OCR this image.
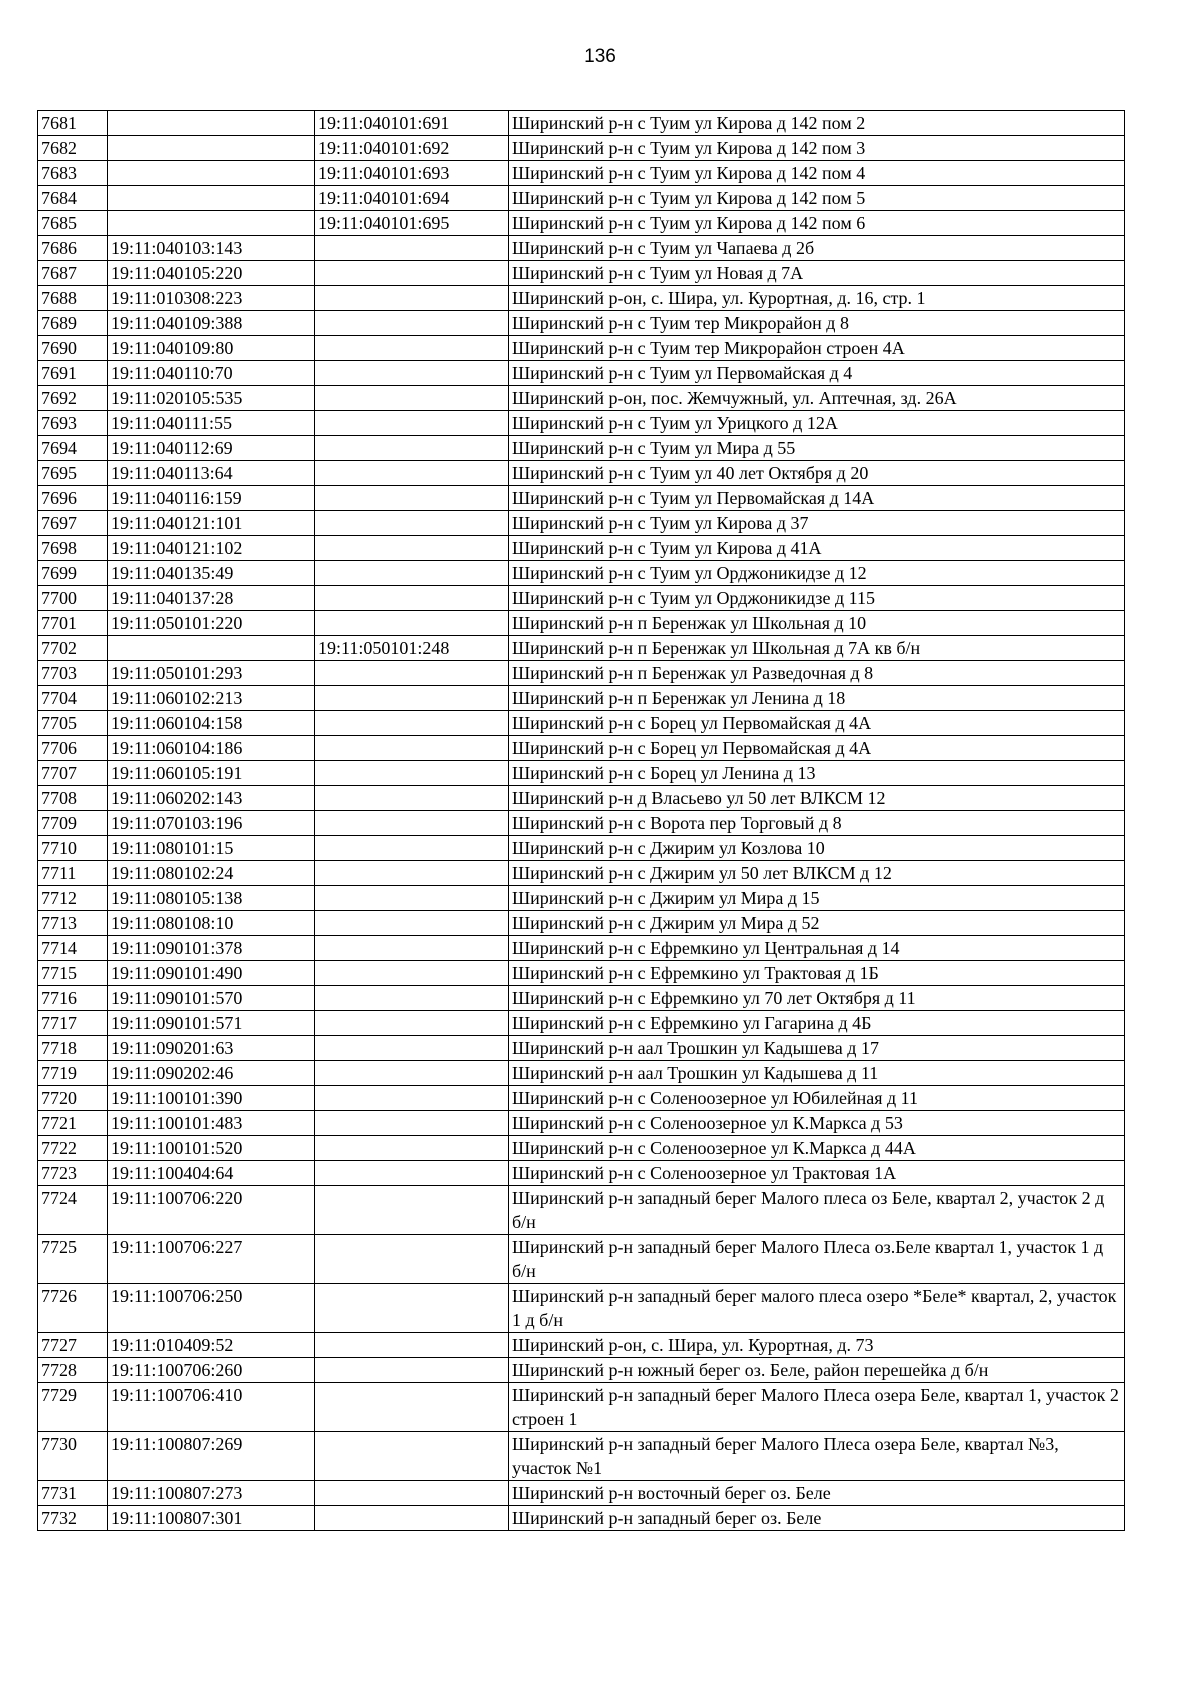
136
7681		19:11:040101:691	Ширинский р-н с Туим ул Кирова д 142 пом 2
7682		19:11:040101:692	Ширинский р-н с Туим ул Кирова д 142 пом 3
7683		19:11:040101:693	Ширинский р-н с Туим ул Кирова д 142 пом 4
7684		19:11:040101:694	Ширинский р-н с Туим ул Кирова д 142 пом 5
7685		19:11:040101:695	Ширинский р-н с Туим ул Кирова д 142 пом 6
7686	19:11:040103:143		Ширинский р-н с Туим ул Чапаева д 2б
7687	19:11:040105:220		Ширинский р-н с Туим ул Новая д 7А
7688	19:11:010308:223		Ширинский р-он, с. Шира, ул. Курортная, д. 16, стр. 1
7689	19:11:040109:388		Ширинский р-н с Туим тер Микрорайон д 8
7690	19:11:040109:80		Ширинский р-н с Туим тер Микрорайон строен 4А
7691	19:11:040110:70		Ширинский р-н с Туим ул Первомайская д 4
7692	19:11:020105:535		Ширинский р-он, пос. Жемчужный, ул. Аптечная, зд. 26А
7693	19:11:040111:55		Ширинский р-н с Туим ул Урицкого д 12А
7694	19:11:040112:69		Ширинский р-н с Туим ул Мира д 55
7695	19:11:040113:64		Ширинский р-н с Туим ул 40 лет Октября д 20
7696	19:11:040116:159		Ширинский р-н с Туим ул Первомайская д 14А
7697	19:11:040121:101		Ширинский р-н с Туим ул Кирова д 37
7698	19:11:040121:102		Ширинский р-н с Туим ул Кирова д 41А
7699	19:11:040135:49		Ширинский р-н с Туим ул Орджоникидзе д 12
7700	19:11:040137:28		Ширинский р-н с Туим ул Орджоникидзе д 115
7701	19:11:050101:220		Ширинский р-н п Беренжак ул Школьная д 10
7702		19:11:050101:248	Ширинский р-н п Беренжак ул Школьная д 7А кв б/н
7703	19:11:050101:293		Ширинский р-н п Беренжак ул Разведочная д 8
7704	19:11:060102:213		Ширинский р-н п Беренжак ул Ленина д 18
7705	19:11:060104:158		Ширинский р-н с Борец ул Первомайская д 4А
7706	19:11:060104:186		Ширинский р-н с Борец ул Первомайская д 4А
7707	19:11:060105:191		Ширинский р-н с Борец ул Ленина д 13
7708	19:11:060202:143		Ширинский р-н д Власьево ул 50 лет ВЛКСМ 12
7709	19:11:070103:196		Ширинский р-н с Ворота пер Торговый д 8
7710	19:11:080101:15		Ширинский р-н с Джирим ул Козлова 10
7711	19:11:080102:24		Ширинский р-н с Джирим ул 50 лет ВЛКСМ д 12
7712	19:11:080105:138		Ширинский р-н с Джирим ул Мира д 15
7713	19:11:080108:10		Ширинский р-н с Джирим ул Мира д 52
7714	19:11:090101:378		Ширинский р-н с Ефремкино ул Центральная д 14
7715	19:11:090101:490		Ширинский р-н с Ефремкино ул Трактовая д 1Б
7716	19:11:090101:570		Ширинский р-н с Ефремкино ул 70 лет Октября д 11
7717	19:11:090101:571		Ширинский р-н с Ефремкино ул Гагарина д 4Б
7718	19:11:090201:63		Ширинский р-н аал Трошкин ул Кадышева д 17
7719	19:11:090202:46		Ширинский р-н аал Трошкин ул Кадышева д 11
7720	19:11:100101:390		Ширинский р-н с Соленоозерное ул Юбилейная д 11
7721	19:11:100101:483		Ширинский р-н с Соленоозерное ул К.Маркса д 53
7722	19:11:100101:520		Ширинский р-н с Соленоозерное ул К.Маркса д 44А
7723	19:11:100404:64		Ширинский р-н с Соленоозерное ул Трактовая 1А
7724	19:11:100706:220		Ширинский р-н западный берег Малого плеса оз Беле, квартал 2, участок 2 д б/н
7725	19:11:100706:227		Ширинский р-н западный берег Малого Плеса оз.Беле квартал 1, участок 1 д б/н
7726	19:11:100706:250		Ширинский р-н западный берег малого плеса озеро *Беле* квартал, 2, участок 1 д б/н
7727	19:11:010409:52		Ширинский р-он, с. Шира, ул. Курортная, д. 73
7728	19:11:100706:260		Ширинский р-н южный берег оз. Беле, район перешейка д б/н
7729	19:11:100706:410		Ширинский р-н западный берег Малого Плеса озера Беле, квартал 1, участок 2 строен 1
7730	19:11:100807:269		Ширинский р-н западный берег Малого Плеса озера Беле, квартал №3, участок №1
7731	19:11:100807:273		Ширинский р-н восточный берег оз. Беле
7732	19:11:100807:301		Ширинский р-н западный берег оз. Беле
